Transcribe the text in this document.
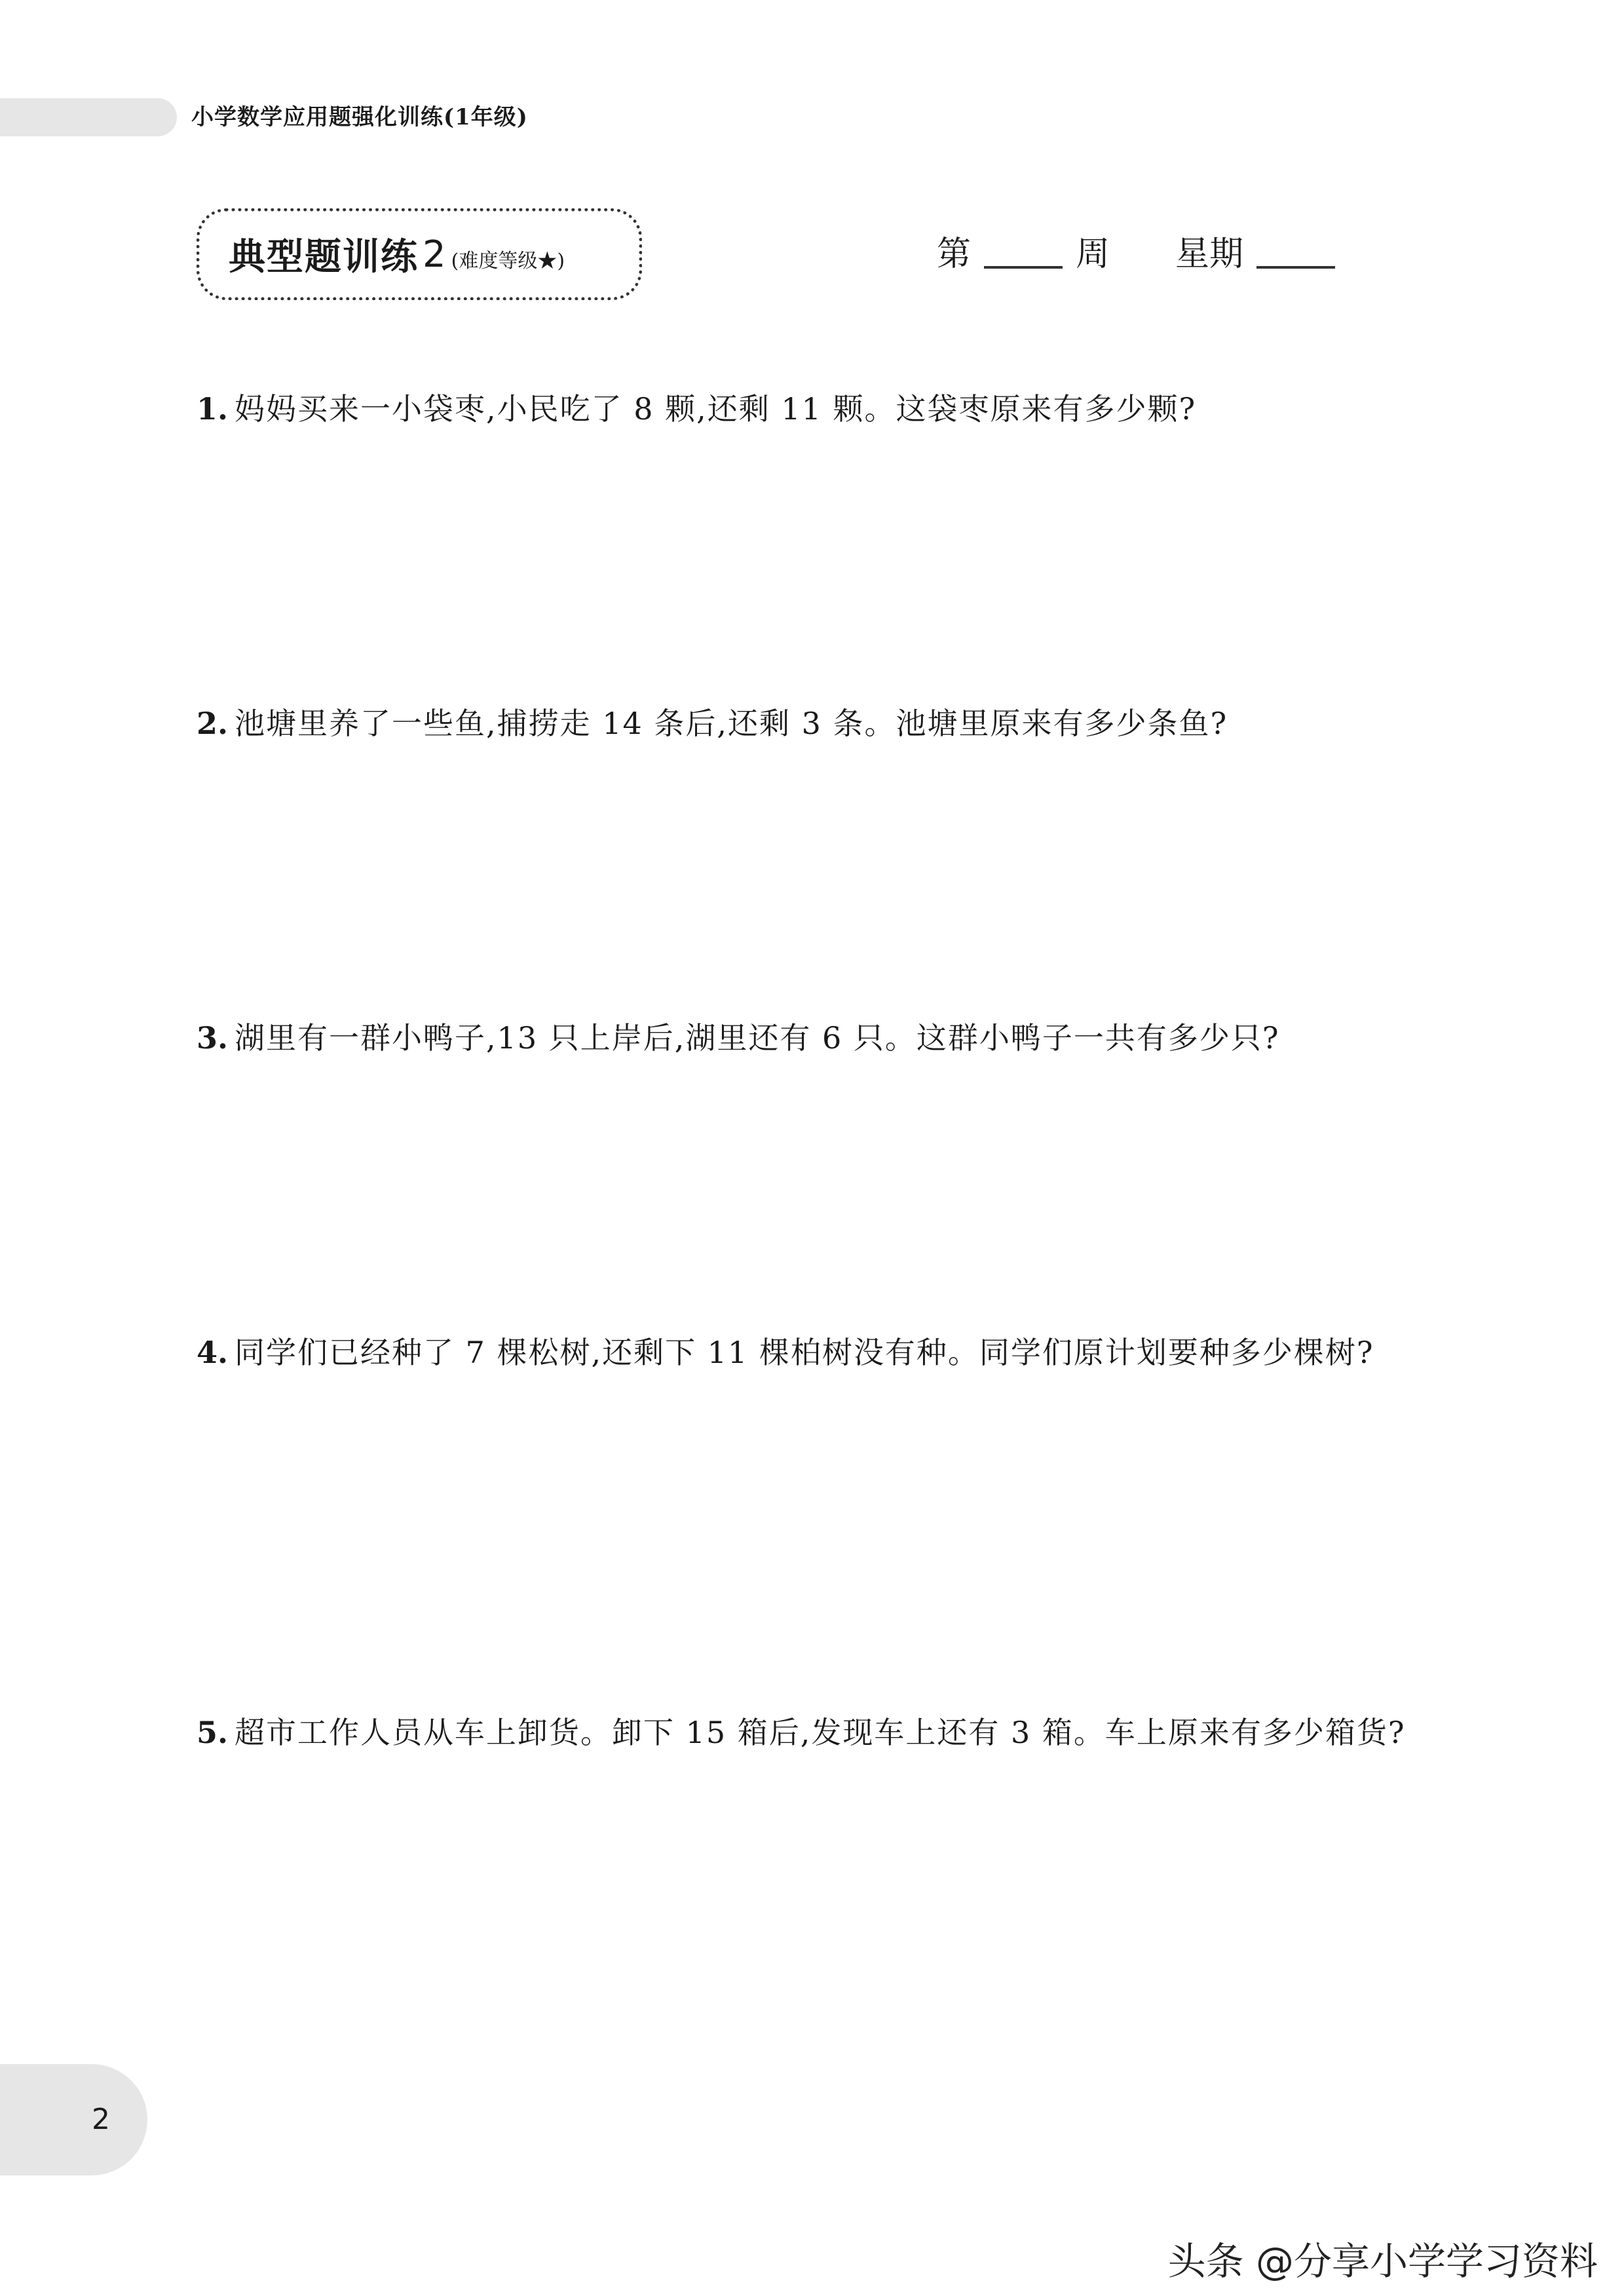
小学数学应用题强化训练(1年级)
典型题训练 2 (难度等级★)	第	周 星期
1. 妈妈买来一小袋枣,小民吃了 8 颗,还剩 11 颗。这袋枣原来有多少颗?
2. 池塘里养了一些鱼,捕捞走 14 条后,还剩 3 条。池塘里原来有多少条鱼?
3. 湖里有一群小鸭子,13 只上岸后,湖里还有 6 只。这群小鸭子一共有多少只?
4. 同学们已经种了 7 棵松树,还剩下 11 棵柏树没有种。同学们原计划要种多少棵树?
5. 超市工作人员从车上卸货。卸下 15 箱后,发现车上还有 3 箱。车上原来有多少箱货?
2
头条 @分享小学学习资料
